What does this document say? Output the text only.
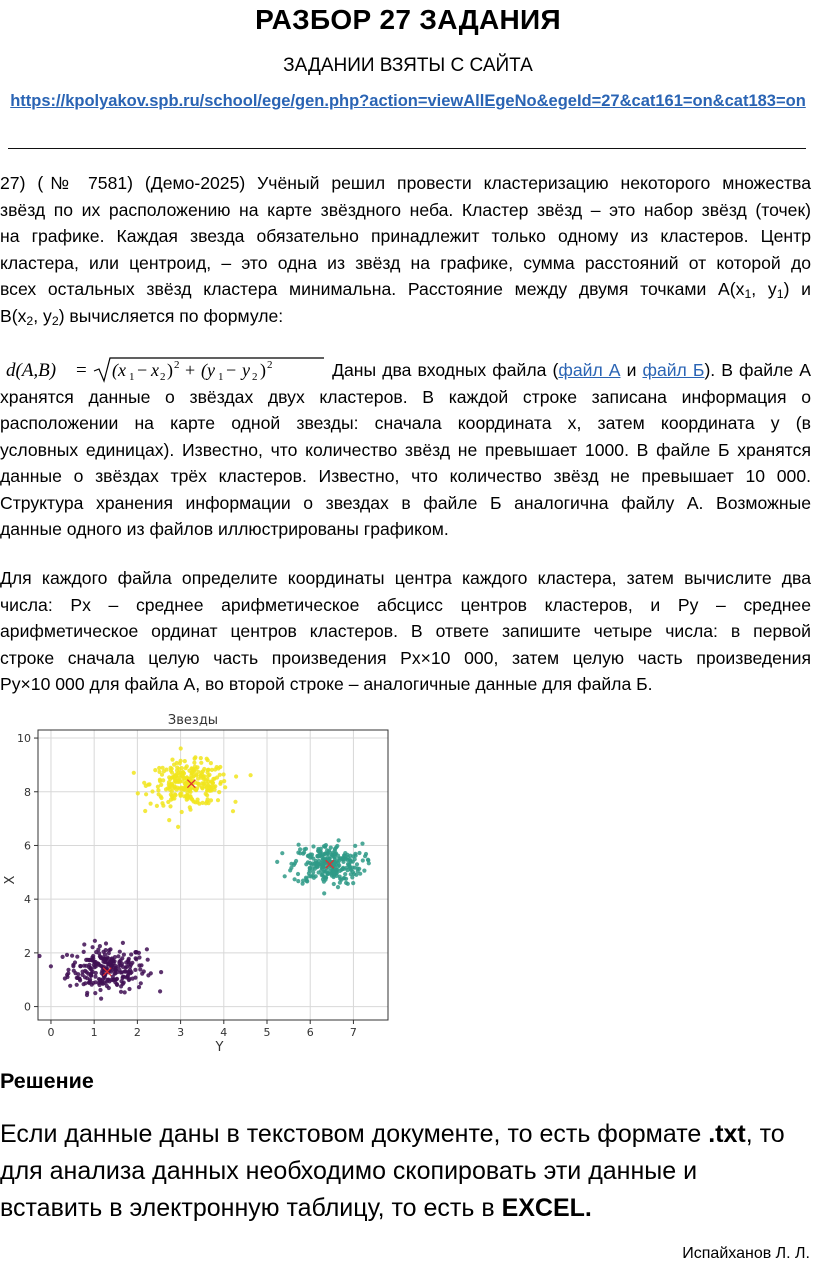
РАЗБОР 27 ЗАДАНИЯ
ЗАДАНИИ ВЗЯТЫ С САЙТА
https://kpolyakov.spb.ru/school/ege/gen.php?action=viewAllEgeNo&egeId=27&cat161=on&cat183=on
27) (№ 7581) (Демо-2025) Учёный решил провести кластеризацию некоторого множества
звёзд по их расположению на карте звёздного неба. Кластер звёзд – это набор звёзд (точек)
на графике. Каждая звезда обязательно принадлежит только одному из кластеров. Центр
кластера, или центроид, – это одна из звёзд на графике, сумма расстояний от которой до
всех остальных звёзд кластера минимальна. Расстояние между двумя точками $А(x_1$, $y_1$) и
$B(x_2$, $y_2$) вычисляется по формуле:
d(A,B) = (x 1 − x 2 ) 2 + (y 1 − y 2 ) 2	Даны два входных файла (файл А и файл Б). В файле А
хранятся данные о звёздах двух кластеров. В каждой строке записана информация о
расположении на карте одной звезды: сначала координата x, затем координата y (в
условных единицах). Известно, что количество звёзд не превышает 1000. В файле Б хранятся
данные о звёздах трёх кластеров. Известно, что количество звёзд не превышает 10 000.
Структура хранения информации о звездах в файле Б аналогична файлу А. Возможные
данные одного из файлов иллюстрированы графиком.
Для каждого файла определите координаты центра каждого кластера, затем вычислите два
числа: Px – среднее арифметическое абсцисс центров кластеров, и Py – среднее
арифметическое ординат центров кластеров. В ответе запишите четыре числа: в первой
строке сначала целую часть произведения Px×10 000, затем целую часть произведения
Py×10 000 для файла А, во второй строке – аналогичные данные для файла Б.
0	1	2	3	4	5	6	7
0
2
4
6
8
10
Звезды
Y
X
Решение
Если данные даны в текстовом документе, то есть формате .txt, то
для анализа данных необходимо скопировать эти данные и
вставить в электронную таблицу, то есть в EXCEL.
Испайханов Л. Л.
